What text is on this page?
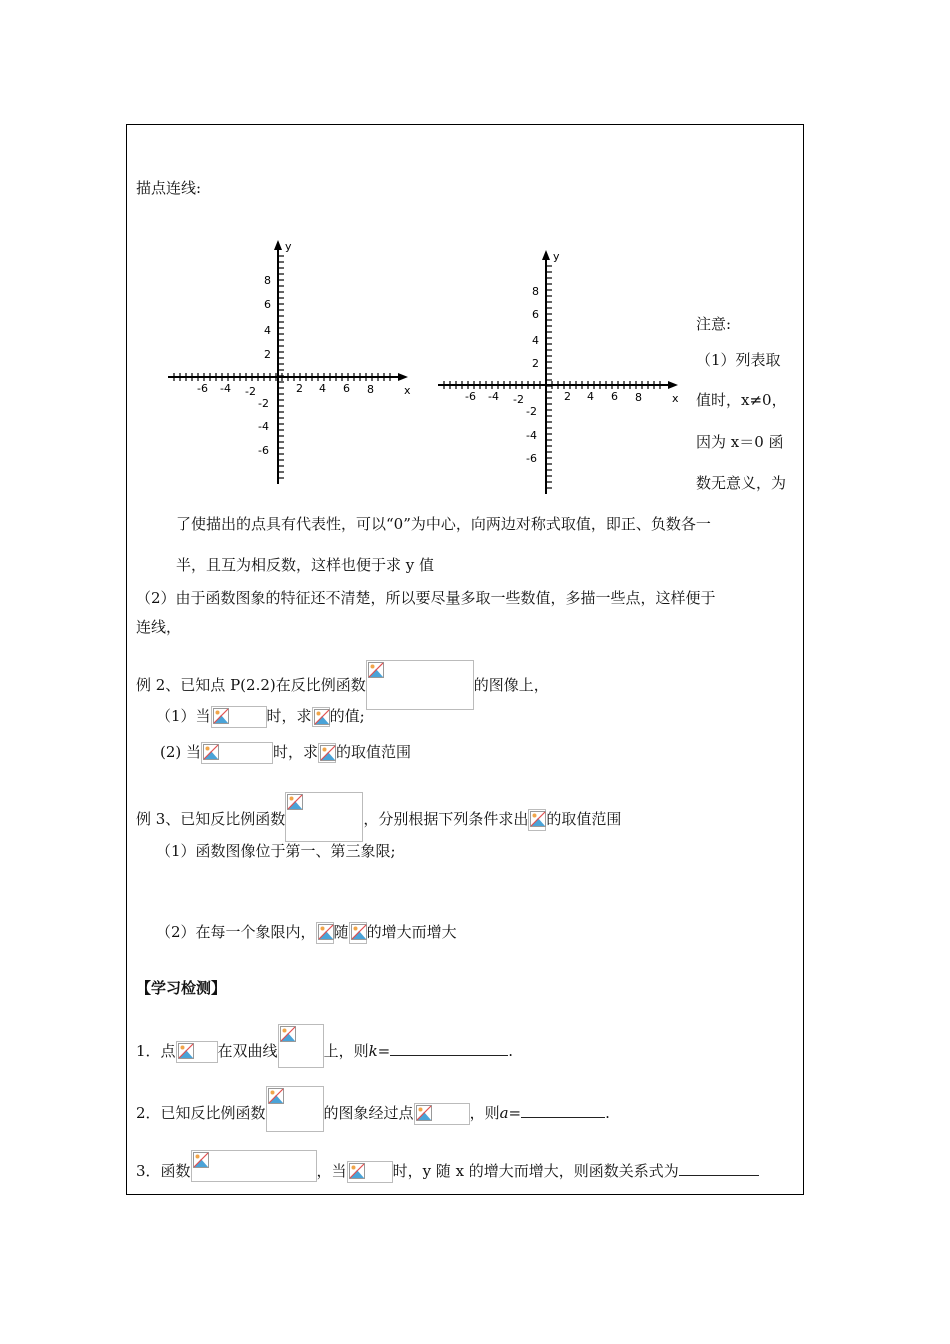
描点连线:
y
x
-6 -4 -2	2 4 6 8
8
6
4
2
-2
-4
-6
y
x
-6 -4 -2	2 4 6 8
8
6
4
2
-2
-4
-6
注意:
（1）列表取
值时，x≠0，
因为 x＝0 函
数无意义，为
了使描出的点具有代表性，可以“0”为中心，向两边对称式取值，即正、负数各一
半，且互为相反数，这样也便于求 y 值
（2）由于函数图象的特征还不清楚，所以要尽量多取一些数值，多描一些点，这样便于
连线，
例 2、已知点 P(2.2)在反比例函数	的图像上，
（1）当	时，求 的值;
(2) 当	时，求 的取值范围
例 3、已知反比例函数	，分别根据下列条件求出 的取值范围
（1）函数图像位于第一、第三象限;
（2）在每一个象限内， 随 的增大而增大
【学习检测】
1．点	在双曲线	上，则k=	.
2．已知反比例函数	的图象经过点	，则a=	.
3．函数	，当	时，y 随 x 的增大而增大，则函数关系式为
